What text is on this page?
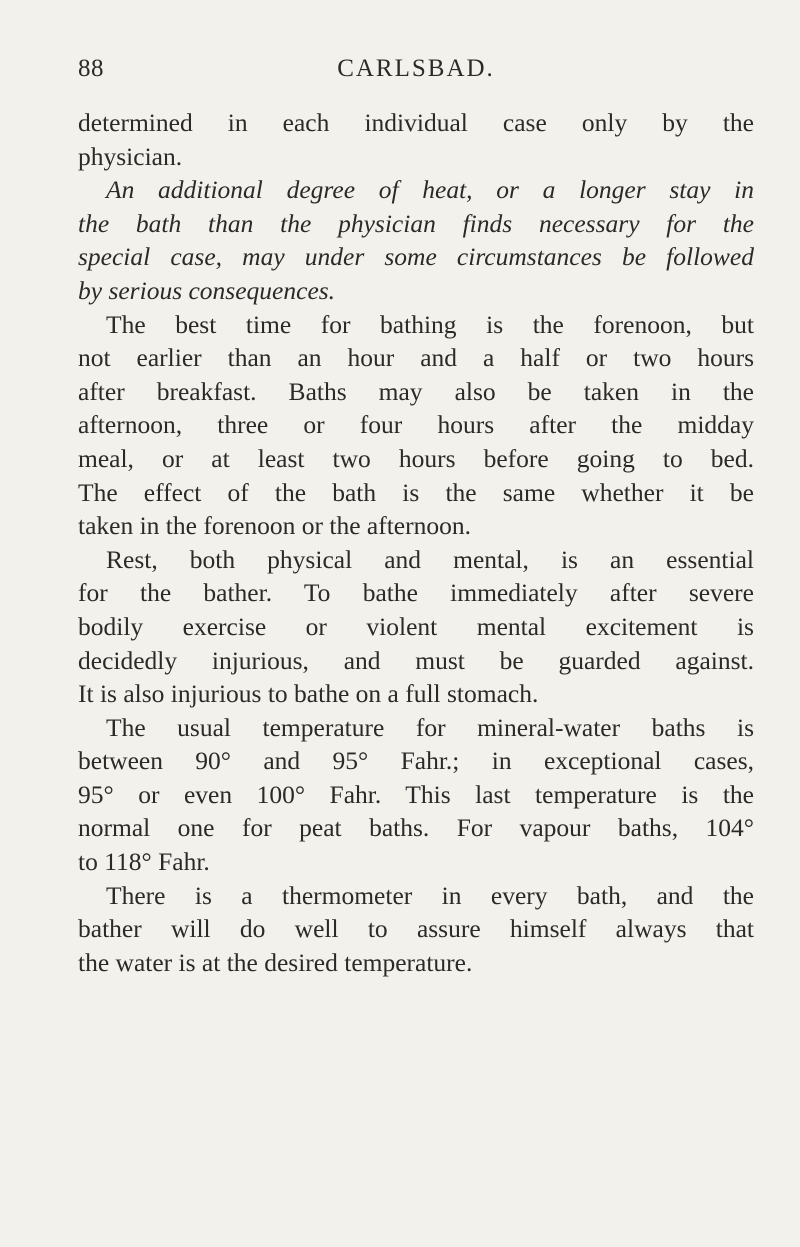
88	CARLSBAD.
determined in each individual case only by the
physician.
An additional degree of heat, or a longer stay in
the bath than the physician finds necessary for the
special case, may under some circumstances be followed
by serious consequences.
The best time for bathing is the forenoon, but
not earlier than an hour and a half or two hours
after breakfast. Baths may also be taken in the
afternoon, three or four hours after the midday
meal, or at least two hours before going to bed.
The effect of the bath is the same whether it be
taken in the forenoon or the afternoon.
Rest, both physical and mental, is an essential
for the bather. To bathe immediately after severe
bodily exercise or violent mental excitement is
decidedly injurious, and must be guarded against.
It is also injurious to bathe on a full stomach.
The usual temperature for mineral-water baths is
between 90° and 95° Fahr.; in exceptional cases,
95° or even 100° Fahr. This last temperature is the
normal one for peat baths. For vapour baths, 104°
to 118° Fahr.
There is a thermometer in every bath, and the
bather will do well to assure himself always that
the water is at the desired temperature.
